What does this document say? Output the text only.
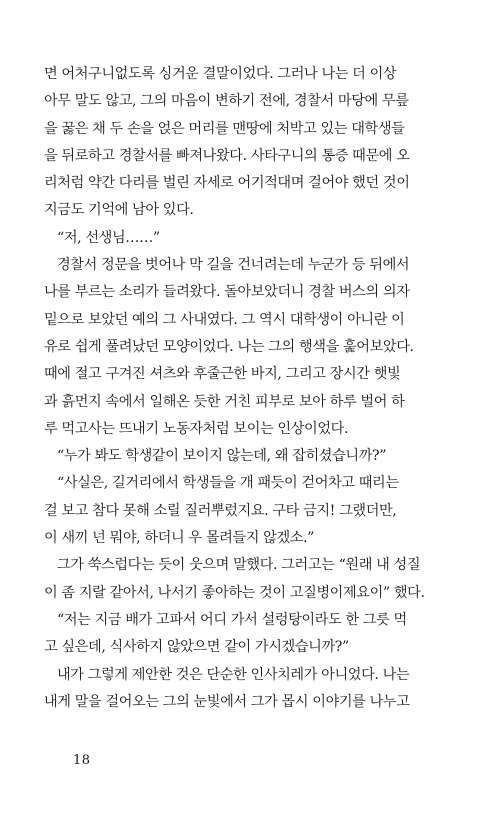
면 어처구니없도록 싱거운 결말이었다. 그러나 나는 더 이상
아무 말도 않고, 그의 마음이 변하기 전에, 경찰서 마당에 무릎
을 꿇은 채 두 손을 얹은 머리를 맨땅에 처박고 있는 대학생들
을 뒤로하고 경찰서를 빠져나왔다. 사타구니의 통증 때문에 오
리처럼 약간 다리를 벌린 자세로 어기적대며 걸어야 했던 것이
지금도 기억에 남아 있다.
“저, 선생님……”
경찰서 정문을 벗어나 막 길을 건너려는데 누군가 등 뒤에서
나를 부르는 소리가 들려왔다. 돌아보았더니 경찰 버스의 의자
밑으로 보았던 예의 그 사내였다. 그 역시 대학생이 아니란 이
유로 쉽게 풀려났던 모양이었다. 나는 그의 행색을 훑어보았다.
때에 절고 구겨진 셔츠와 후줄근한 바지, 그리고 장시간 햇빛
과 흙먼지 속에서 일해온 듯한 거친 피부로 보아 하루 벌어 하
루 먹고사는 뜨내기 노동자처럼 보이는 인상이었다.
“누가 봐도 학생같이 보이지 않는데, 왜 잡히셨습니까?”
“사실은, 길거리에서 학생들을 개 패듯이 걷어차고 때리는
걸 보고 참다 못해 소릴 질러뿌렀지요. 구타 금지! 그랬더만,
이 새끼 넌 뭐야, 하더니 우 몰려들지 않겠소.”
그가 쑥스럽다는 듯이 웃으며 말했다. 그러고는 “원래 내 성질
이 좀 지랄 같아서, 나서기 좋아하는 것이 고질병이제요이” 했다.
“저는 지금 배가 고파서 어디 가서 설렁탕이라도 한 그릇 먹
고 싶은데, 식사하지 않았으면 같이 가시겠습니까?”
내가 그렇게 제안한 것은 단순한 인사치레가 아니었다. 나는
내게 말을 걸어오는 그의 눈빛에서 그가 몹시 이야기를 나누고
18
